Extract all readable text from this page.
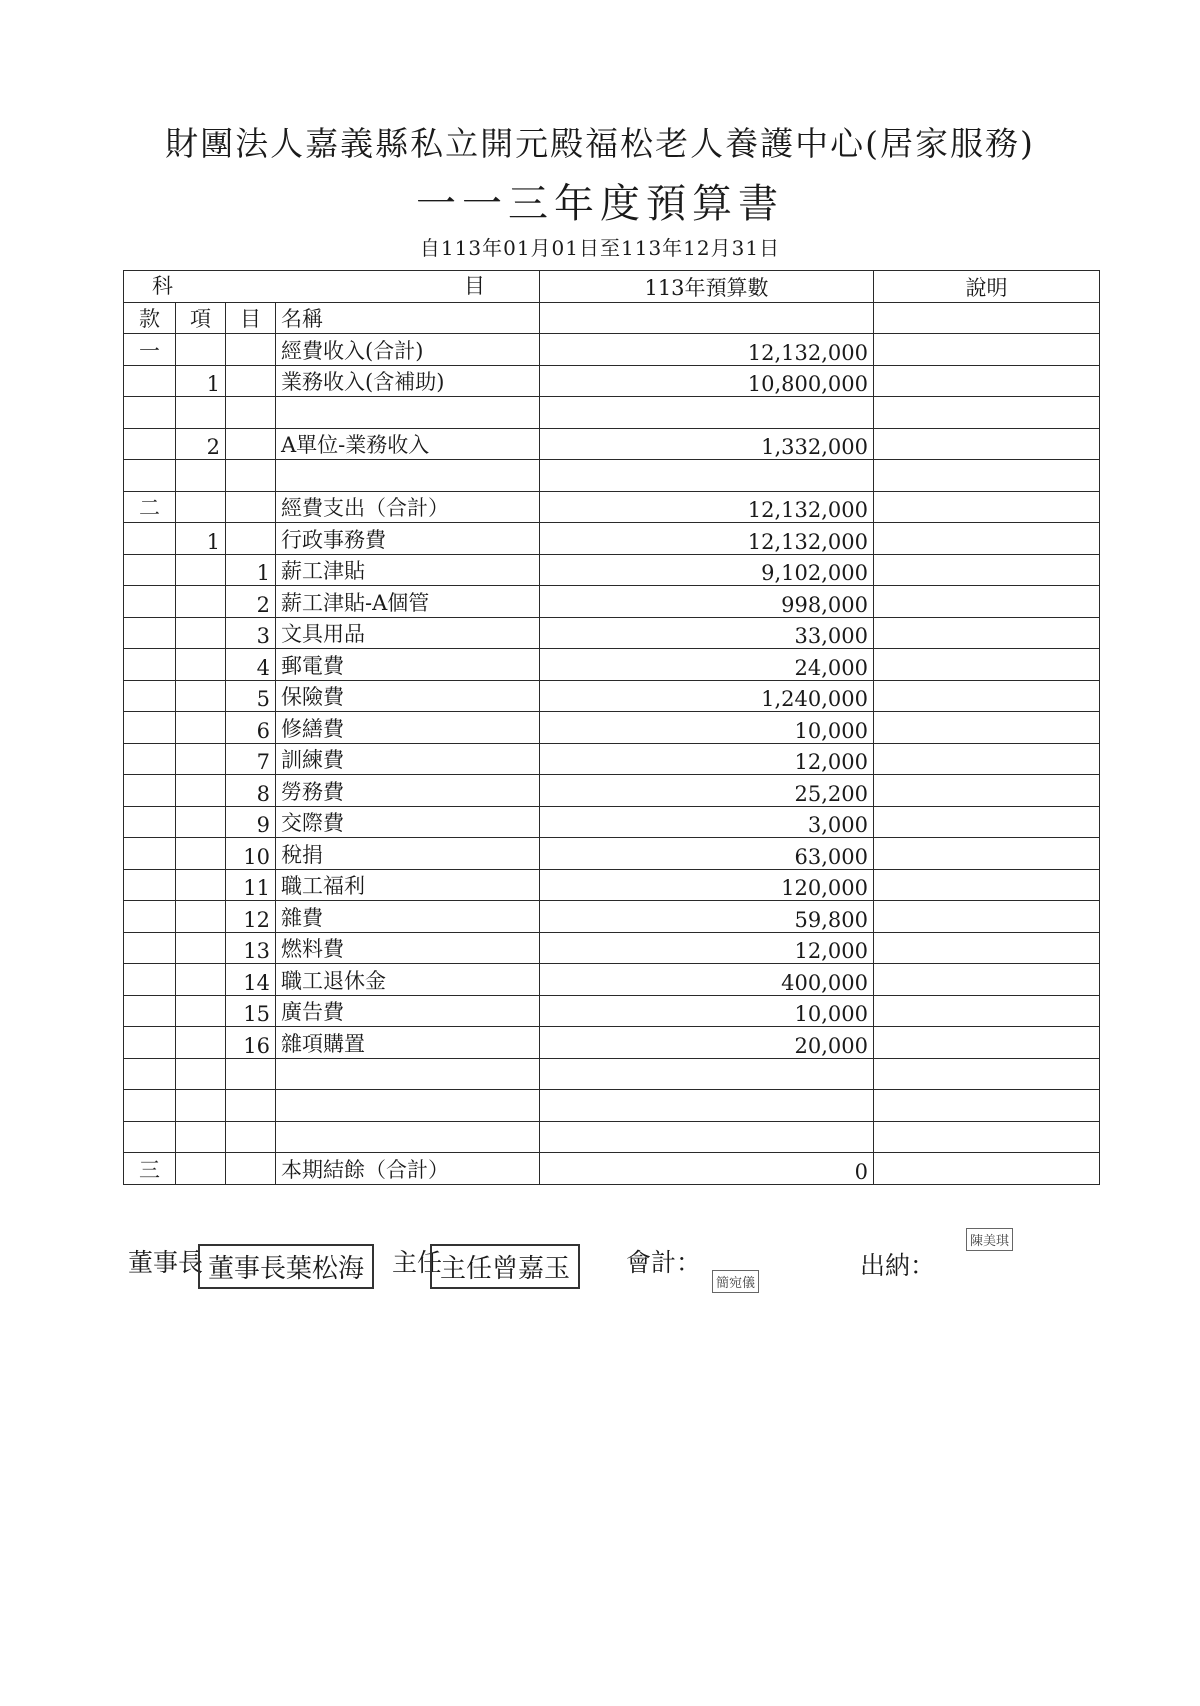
財團法人嘉義縣私立開元殿福松老人養護中心(居家服務)
一一三年度預算書
自113年01月01日至113年12月31日
科 目				113年預算數	說明
款	項	目	名稱		
一			經費收入(合計)	12,132,000	
	1		業務收入(含補助)	10,800,000	

	2		A單位-業務收入	1,332,000	

二			經費支出（合計）	12,132,000	
	1		行政事務費	12,132,000	
		1	薪工津貼	9,102,000	
		2	薪工津貼-A個管	998,000	
		3	文具用品	33,000	
		4	郵電費	24,000	
		5	保險費	1,240,000	
		6	修繕費	10,000	
		7	訓練費	12,000	
		8	勞務費	25,200	
		9	交際費	3,000	
		10	稅捐	63,000	
		11	職工福利	120,000	
		12	雜費	59,800	
		13	燃料費	12,000	
		14	職工退休金	400,000	
		15	廣告費	10,000	
		16	雜項購置	20,000	

三			本期結餘（合計）	0	
董事長 董事長葉松海	主任
主任曾嘉玉	會計：
簡宛儀
出納：
陳美琪
